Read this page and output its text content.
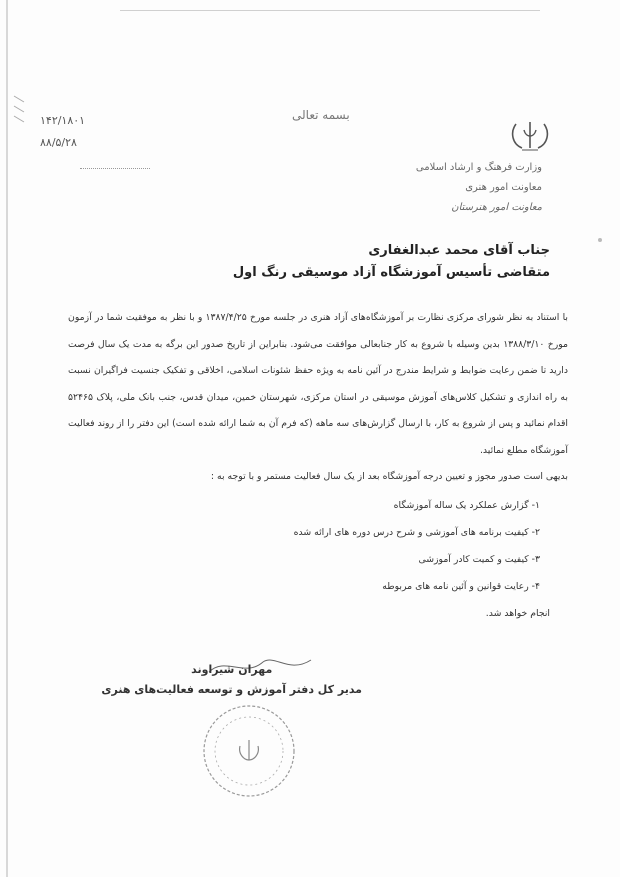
۱۴۲/۱۸۰۱
۸۸/۵/۲۸
بسمه تعالی
وزارت فرهنگ و ارشاد اسلامی
معاونت امور هنری
معاونت امور هنرستان
جناب آقای محمد عبدالغفاری
متقاضی تأسیس آموزشگاه آزاد موسیقی رنگ اول

با استناد به نظر شورای مرکزی نظارت بر آموزشگاه‌های آزاد هنری در جلسه مورخ ۱۳۸۷/۴/۲۵ و با نظر به موفقیت شما در آزمون مورخ ۱۳۸۸/۳/۱۰ بدین وسیله با شروع به کار جنابعالی موافقت می‌شود. بنابراین از تاریخ صدور این برگه به مدت یک سال فرصت دارید تا ضمن رعایت ضوابط و شرایط مندرج در آئین نامه به ویژه حفظ شئونات اسلامی، اخلاقی و تفکیک جنسیت فراگیران نسبت به راه اندازی و تشکیل کلاس‌های آموزش موسیقی در استان مرکزی، شهرستان خمین، میدان قدس، جنب بانک ملی، پلاک ۵۲۴۶۵ اقدام نمائید و پس از شروع به کار، با ارسال گزارش‌های سه ماهه (که فرم آن به شما ارائه شده است) این دفتر را از روند فعالیت آموزشگاه مطلع نمائید.

بدیهی است صدور مجوز و تعیین درجه آموزشگاه بعد از یک سال فعالیت مستمر و با توجه به :

۱- گزارش عملکرد یک ساله آموزشگاه
۲- کیفیت برنامه های آموزشی و شرح درس دوره های ارائه شده
۳- کیفیت و کمیت کادر آموزشی
۴- رعایت قوانین و آئین نامه های مربوطه
انجام خواهد شد.
مهران شیراوند
مدیر کل دفتر آموزش و توسعه فعالیت‌های هنری
